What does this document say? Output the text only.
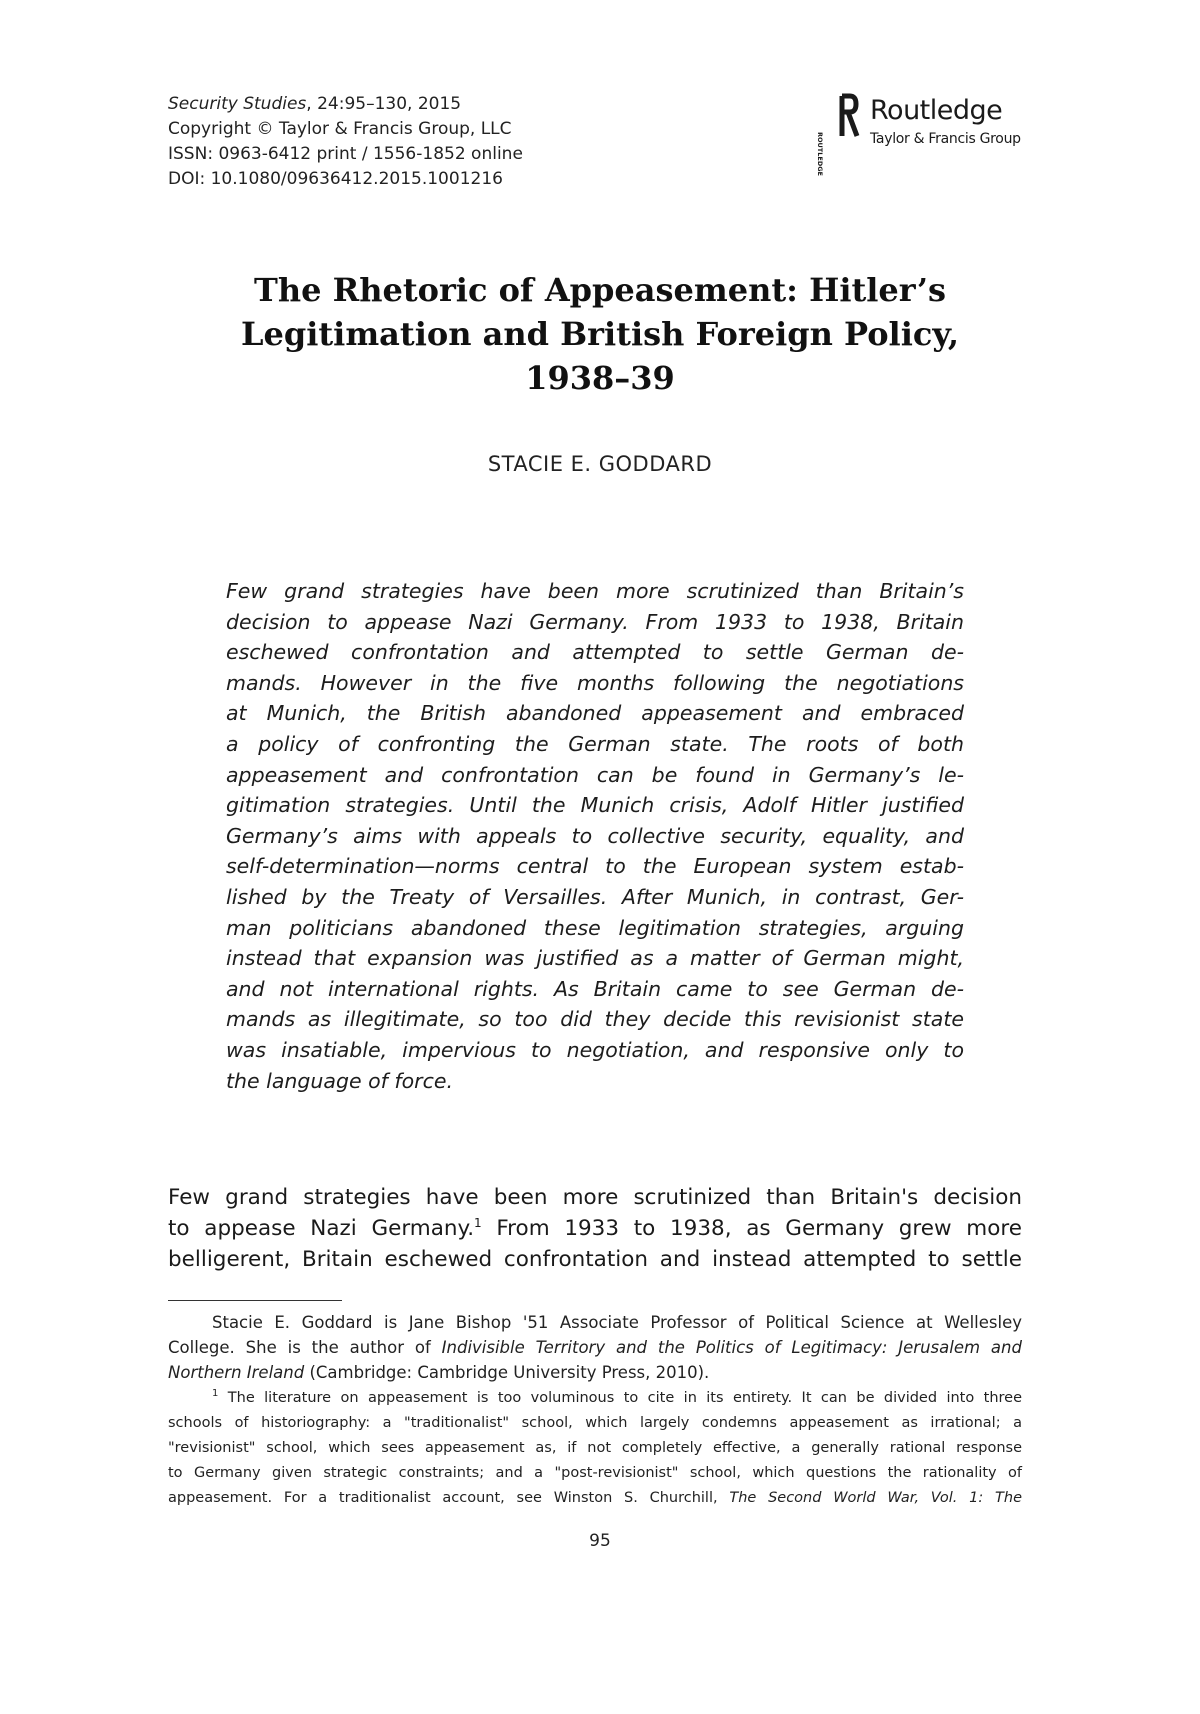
Security Studies, 24:95–130, 2015
Copyright © Taylor & Francis Group, LLC
ISSN: 0963-6412 print / 1556-1852 online
DOI: 10.1080/09636412.2015.1001216
ROUTLEDGE
Routledge
Taylor & Francis Group
The Rhetoric of Appeasement: Hitler’s
Legitimation and British Foreign Policy,
1938–39
STACIE E. GODDARD
Few grand strategies have been more scrutinized than Britain’s
decision to appease Nazi Germany. From 1933 to 1938, Britain
eschewed confrontation and attempted to settle German de-
mands. However in the five months following the negotiations
at Munich, the British abandoned appeasement and embraced
a policy of confronting the German state. The roots of both
appeasement and confrontation can be found in Germany’s le-
gitimation strategies. Until the Munich crisis, Adolf Hitler justified
Germany’s aims with appeals to collective security, equality, and
self-determination—norms central to the European system estab-
lished by the Treaty of Versailles. After Munich, in contrast, Ger-
man politicians abandoned these legitimation strategies, arguing
instead that expansion was justified as a matter of German might,
and not international rights. As Britain came to see German de-
mands as illegitimate, so too did they decide this revisionist state
was insatiable, impervious to negotiation, and responsive only to
the language of force.
Few grand strategies have been more scrutinized than Britain's decision
to appease Nazi Germany.$^1$ From 1933 to 1938, as Germany grew more
belligerent, Britain eschewed confrontation and instead attempted to settle
Stacie E. Goddard is Jane Bishop '51 Associate Professor of Political Science at Wellesley
College. She is the author of Indivisible Territory and the Politics of Legitimacy: Jerusalem and
Northern Ireland (Cambridge: Cambridge University Press, 2010).
$^1$ The literature on appeasement is too voluminous to cite in its entirety. It can be divided into three
schools of historiography: a "traditionalist" school, which largely condemns appeasement as irrational; a
"revisionist" school, which sees appeasement as, if not completely effective, a generally rational response
to Germany given strategic constraints; and a "post-revisionist" school, which questions the rationality of
appeasement. For a traditionalist account, see Winston S. Churchill, The Second World War, Vol. 1: The
95
